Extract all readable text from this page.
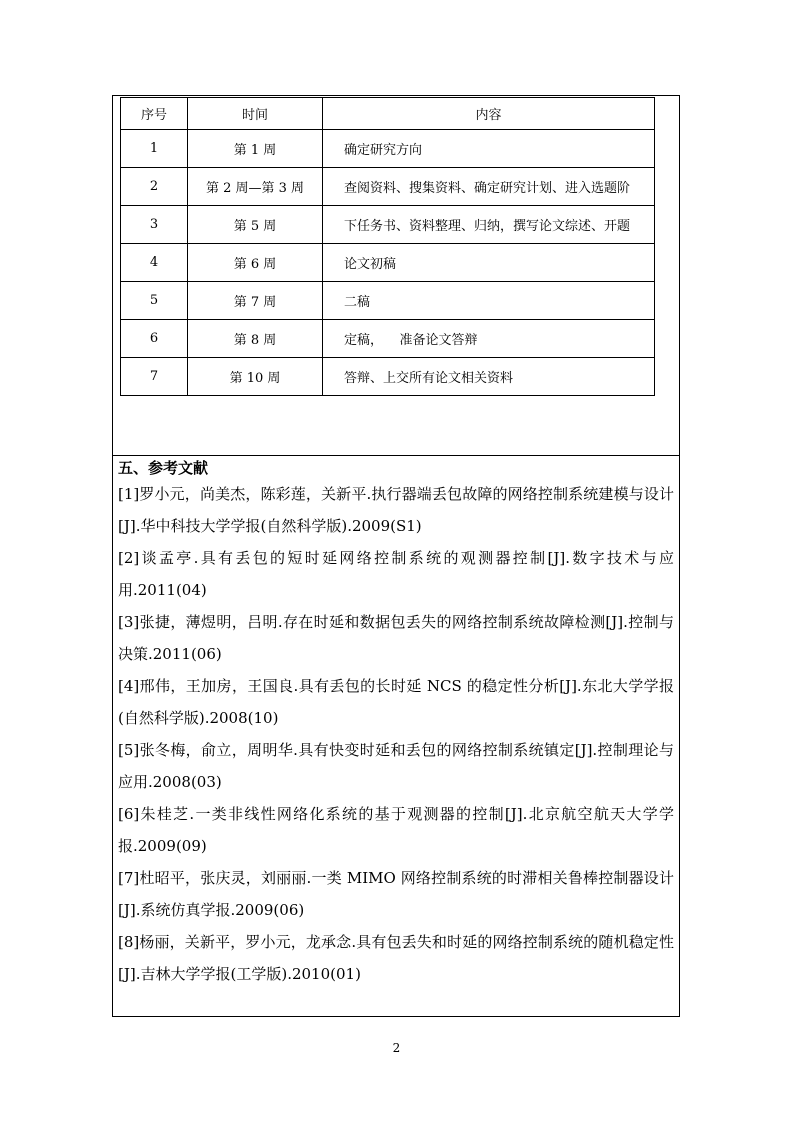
序号	时间	内容
1	第 1 周	确定研究方向
2	第 2 周—第 3 周	查阅资料、搜集资料、确定研究计划、进入选题阶
3	第 5 周	下任务书、资料整理、归纳，撰写论文综述、开题
4	第 6 周	论文初稿
5	第 7 周	二稿
6	第 8 周	定稿，    准备论文答辩
7	第 10 周	答辩、上交所有论文相关资料
五、参考文献
[1]罗小元，尚美杰，陈彩莲，关新平.执行器端丢包故障的网络控制系统建模与设计[J].华中科技大学学报(自然科学版).2009(S1)
[2]谈孟亭.具有丢包的短时延网络控制系统的观测器控制[J].数字技术与应用.2011(04)
[3]张捷，薄煜明，吕明.存在时延和数据包丢失的网络控制系统故障检测[J].控制与决策.2011(06)
[4]邢伟，王加房，王国良.具有丢包的长时延 NCS 的稳定性分析[J].东北大学学报(自然科学版).2008(10)
[5]张冬梅，俞立，周明华.具有快变时延和丢包的网络控制系统镇定[J].控制理论与应用.2008(03)
[6]朱桂芝.一类非线性网络化系统的基于观测器的控制[J].北京航空航天大学学报.2009(09)
[7]杜昭平，张庆灵，刘丽丽.一类 MIMO 网络控制系统的时滞相关鲁棒控制器设计[J].系统仿真学报.2009(06)
[8]杨丽，关新平，罗小元，龙承念.具有包丢失和时延的网络控制系统的随机稳定性[J].吉林大学学报(工学版).2010(01)
2
